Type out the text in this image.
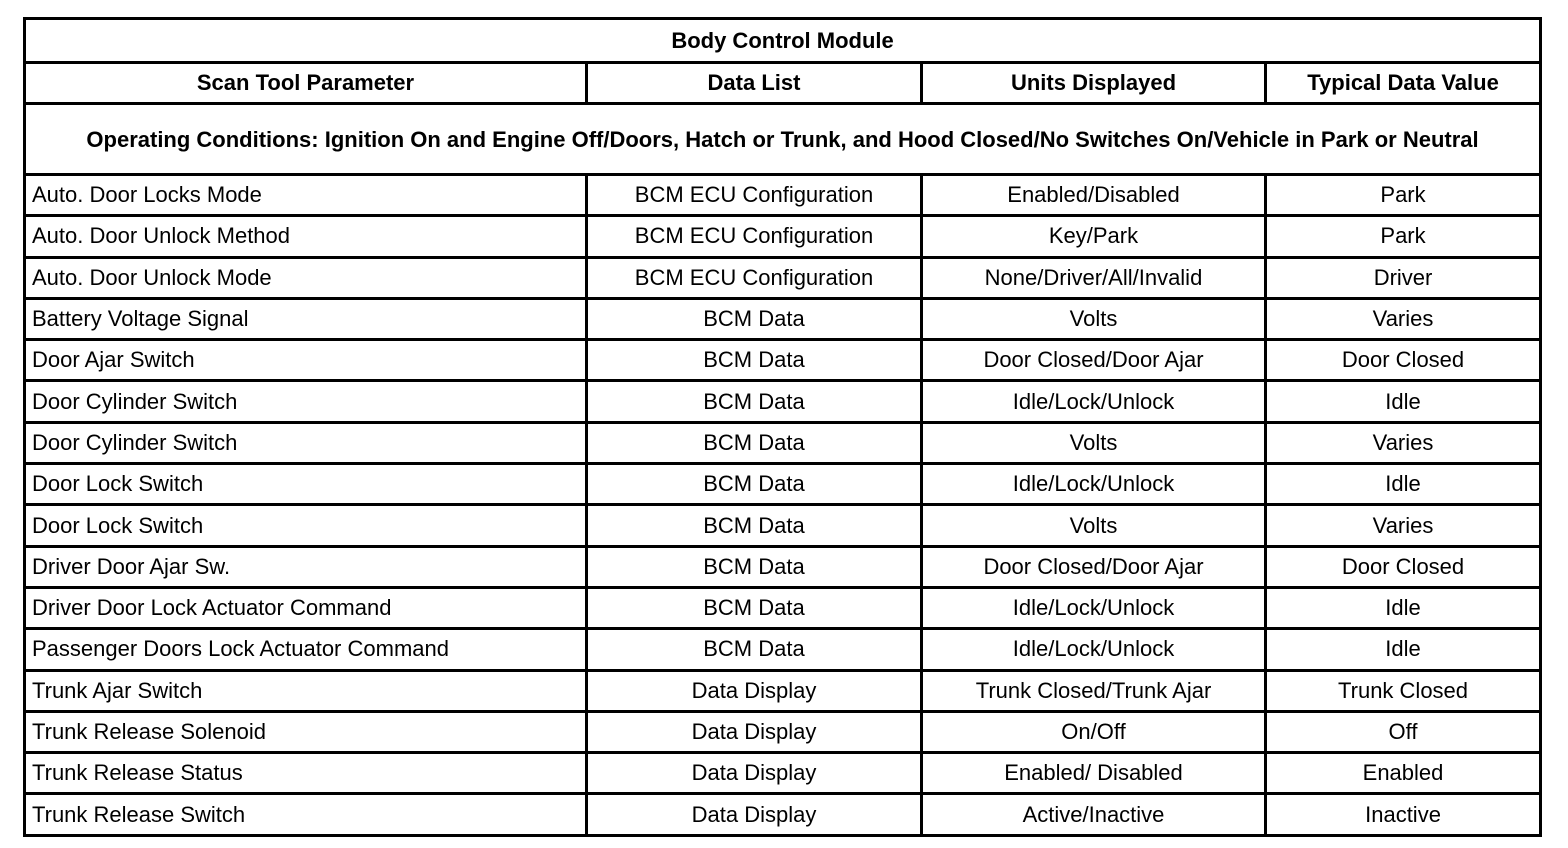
Body Control Module			
Scan Tool Parameter	Data List	Units Displayed	Typical Data Value
Operating Conditions: Ignition On and Engine Off/Doors, Hatch or Trunk, and Hood Closed/No Switches On/Vehicle in Park or Neutral			
Auto. Door Locks Mode	BCM ECU Configuration	Enabled/Disabled	Park
Auto. Door Unlock Method	BCM ECU Configuration	Key/Park	Park
Auto. Door Unlock Mode	BCM ECU Configuration	None/Driver/All/Invalid	Driver
Battery Voltage Signal	BCM Data	Volts	Varies
Door Ajar Switch	BCM Data	Door Closed/Door Ajar	Door Closed
Door Cylinder Switch	BCM Data	Idle/Lock/Unlock	Idle
Door Cylinder Switch	BCM Data	Volts	Varies
Door Lock Switch	BCM Data	Idle/Lock/Unlock	Idle
Door Lock Switch	BCM Data	Volts	Varies
Driver Door Ajar Sw.	BCM Data	Door Closed/Door Ajar	Door Closed
Driver Door Lock Actuator Command	BCM Data	Idle/Lock/Unlock	Idle
Passenger Doors Lock Actuator Command	BCM Data	Idle/Lock/Unlock	Idle
Trunk Ajar Switch	Data Display	Trunk Closed/Trunk Ajar	Trunk Closed
Trunk Release Solenoid	Data Display	On/Off	Off
Trunk Release Status	Data Display	Enabled/ Disabled	Enabled
Trunk Release Switch	Data Display	Active/Inactive	Inactive
